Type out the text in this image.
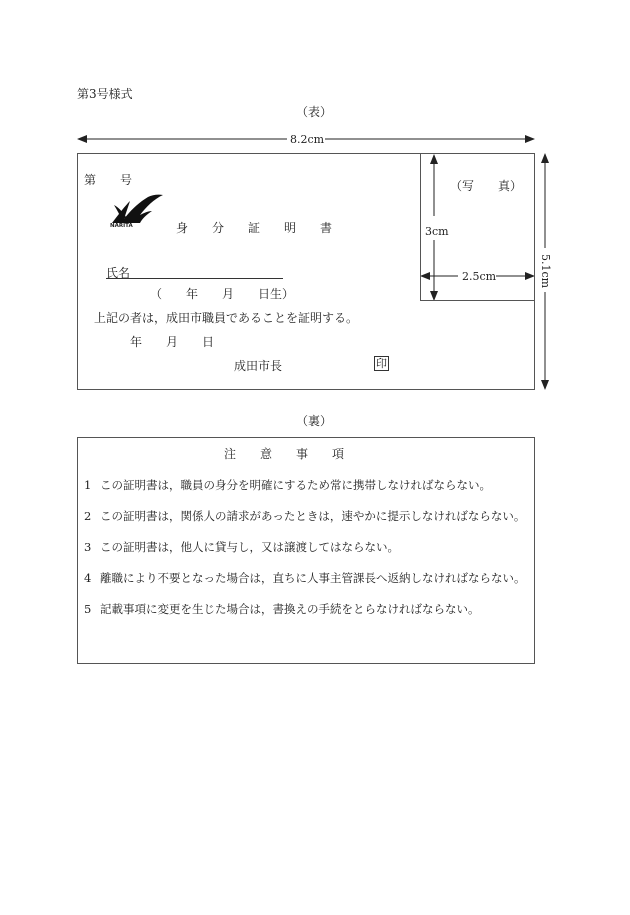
第3号様式
（表）
8.2cm
5.1cm
第　　号
NARITA	身　　分　　証　　明　　書
氏名
（　　年　　月　　日生）
上記の者は，成田市職員であることを証明する。
年　　月　　日
成田市長	印
（写　　真）
3cm
2.5cm
（裏）
注　　意　　事　　項
1 この証明書は，職員の身分を明確にするため常に携帯しなければならない。
2 この証明書は，関係人の請求があったときは，速やかに提示しなければならない。
3 この証明書は，他人に貸与し，又は譲渡してはならない。
4 離職により不要となった場合は，直ちに人事主管課長へ返納しなければならない。
5 記載事項に変更を生じた場合は，書換えの手続をとらなければならない。
